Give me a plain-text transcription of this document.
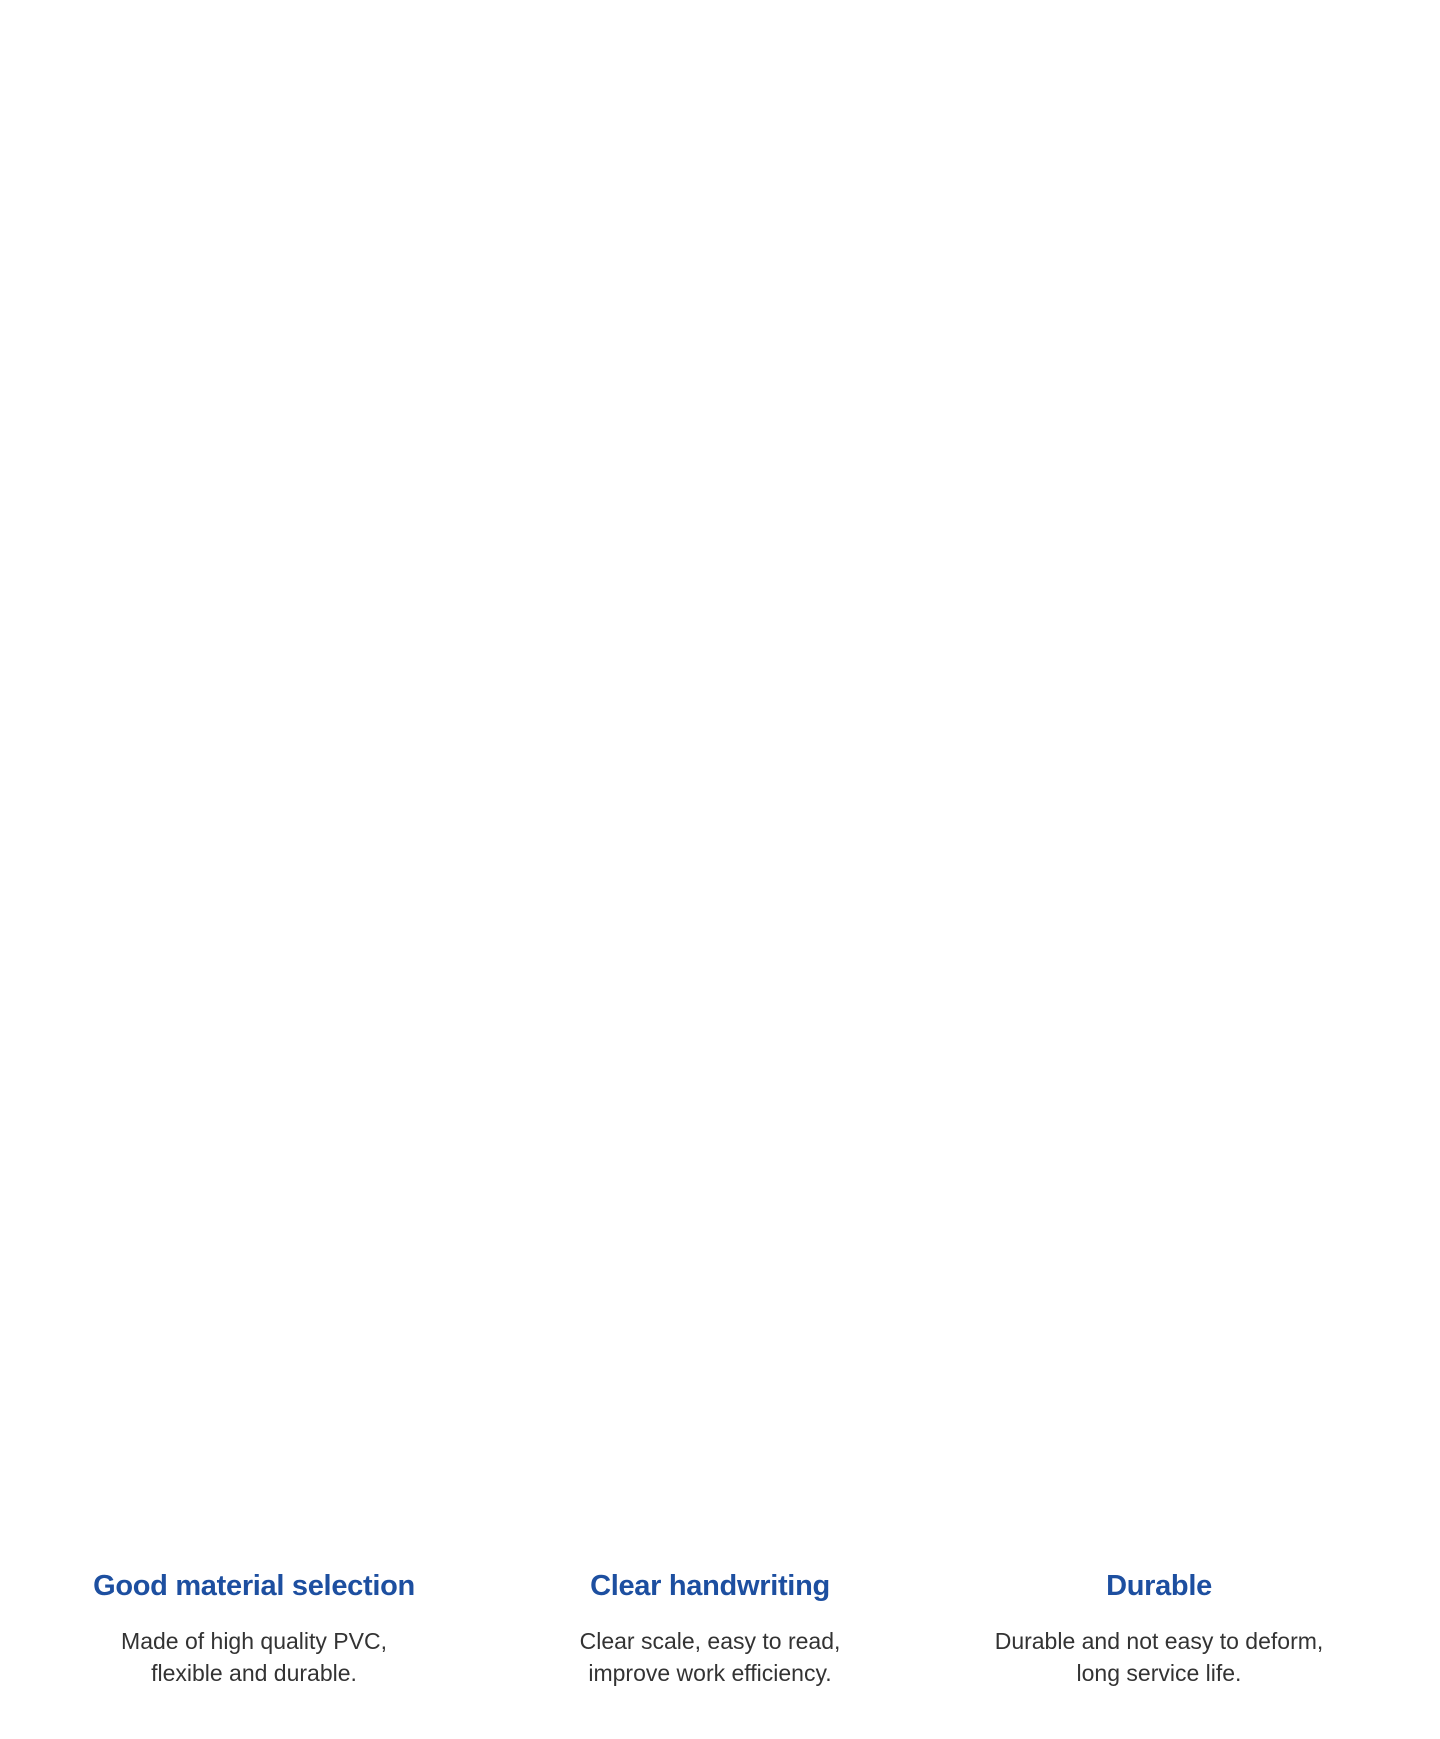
Good material selection
Made of high quality PVC,
flexible and durable.
Clear handwriting
Clear scale, easy to read,
improve work efficiency.
Durable
Durable and not easy to deform,
long service life.
